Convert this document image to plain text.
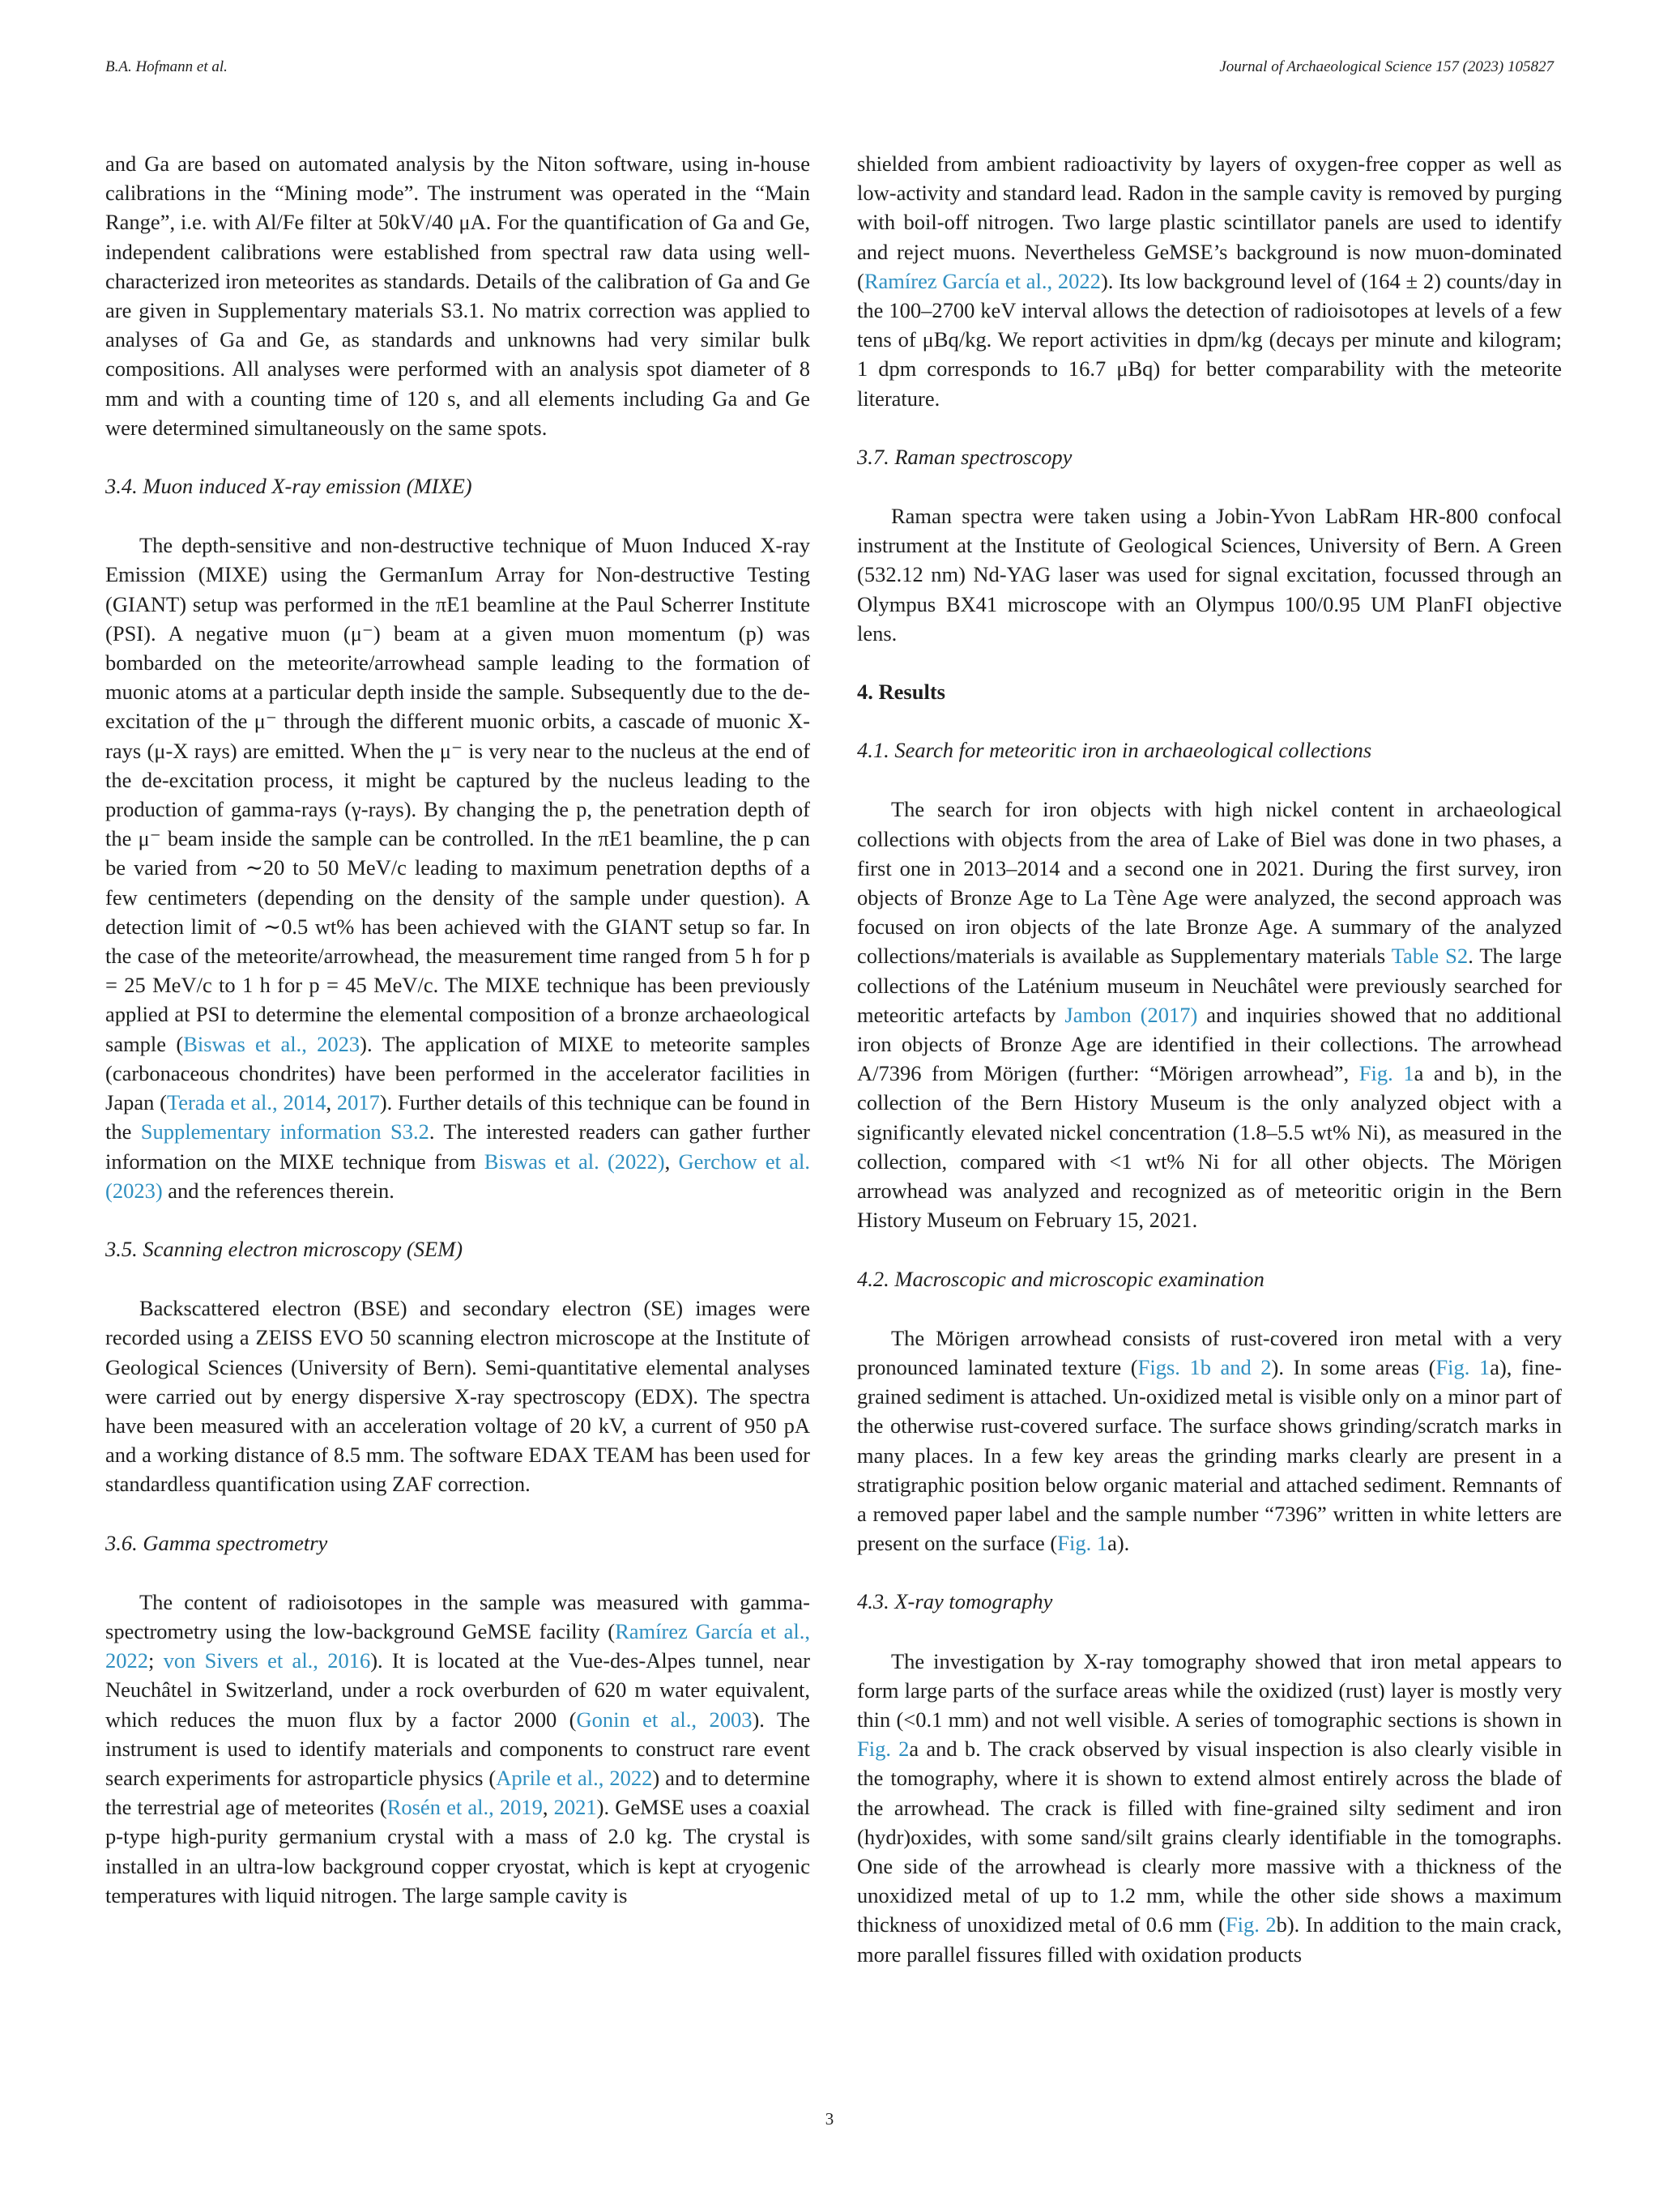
B.A. Hofmann et al.	Journal of Archaeological Science 157 (2023) 105827

and Ga are based on automated analysis by the Niton software, using in-house calibrations in the “Mining mode”. The instrument was operated in the “Main Range”, i.e. with Al/Fe filter at 50kV/40 μA. For the quantification of Ga and Ge, independent calibrations were established from spectral raw data using well-characterized iron meteorites as standards. Details of the calibration of Ga and Ge are given in Supplementary materials S3.1. No matrix correction was applied to analyses of Ga and Ge, as standards and unknowns had very similar bulk compositions. All analyses were performed with an analysis spot diameter of 8 mm and with a counting time of 120 s, and all elements including Ga and Ge were determined simultaneously on the same spots.

3.4. Muon induced X-ray emission (MIXE)

The depth-sensitive and non-destructive technique of Muon Induced X-ray Emission (MIXE) using the GermanIum Array for Non-destructive Testing (GIANT) setup was performed in the πE1 beamline at the Paul Scherrer Institute (PSI). A negative muon (μ⁻) beam at a given muon momentum (p) was bombarded on the meteorite/arrowhead sample leading to the formation of muonic atoms at a particular depth inside the sample. Subsequently due to the de-excitation of the μ⁻ through the different muonic orbits, a cascade of muonic X-rays (μ-X rays) are emitted. When the μ⁻ is very near to the nucleus at the end of the de-excitation process, it might be captured by the nucleus leading to the production of gamma-rays (γ-rays). By changing the p, the penetration depth of the μ⁻ beam inside the sample can be controlled. In the πE1 beamline, the p can be varied from ∼20 to 50 MeV/c leading to maximum penetration depths of a few centimeters (depending on the density of the sample under question). A detection limit of ∼0.5 wt% has been achieved with the GIANT setup so far. In the case of the meteorite/arrowhead, the measurement time ranged from 5 h for p = 25 MeV/c to 1 h for p = 45 MeV/c. The MIXE technique has been previously applied at PSI to determine the elemental composition of a bronze archaeological sample (Biswas et al., 2023). The application of MIXE to meteorite samples (carbonaceous chondrites) have been performed in the accelerator facilities in Japan (Terada et al., 2014, 2017). Further details of this technique can be found in the Supplementary information S3.2. The interested readers can gather further information on the MIXE technique from Biswas et al. (2022), Gerchow et al. (2023) and the references therein.

3.5. Scanning electron microscopy (SEM)

Backscattered electron (BSE) and secondary electron (SE) images were recorded using a ZEISS EVO 50 scanning electron microscope at the Institute of Geological Sciences (University of Bern). Semi-quantitative elemental analyses were carried out by energy dispersive X-ray spectroscopy (EDX). The spectra have been measured with an acceleration voltage of 20 kV, a current of 950 pA and a working distance of 8.5 mm. The software EDAX TEAM has been used for standardless quantification using ZAF correction.

3.6. Gamma spectrometry

The content of radioisotopes in the sample was measured with gamma-spectrometry using the low-background GeMSE facility (Ramírez García et al., 2022; von Sivers et al., 2016). It is located at the Vue-des-Alpes tunnel, near Neuchâtel in Switzerland, under a rock overburden of 620 m water equivalent, which reduces the muon flux by a factor 2000 (Gonin et al., 2003). The instrument is used to identify materials and components to construct rare event search experiments for astroparticle physics (Aprile et al., 2022) and to determine the terrestrial age of meteorites (Rosén et al., 2019, 2021). GeMSE uses a coaxial p-type high-purity germanium crystal with a mass of 2.0 kg. The crystal is installed in an ultra-low background copper cryostat, which is kept at cryogenic temperatures with liquid nitrogen. The large sample cavity is

shielded from ambient radioactivity by layers of oxygen-free copper as well as low-activity and standard lead. Radon in the sample cavity is removed by purging with boil-off nitrogen. Two large plastic scintillator panels are used to identify and reject muons. Nevertheless GeMSE’s background is now muon-dominated (Ramírez García et al., 2022). Its low background level of (164 ± 2) counts/day in the 100–2700 keV interval allows the detection of radioisotopes at levels of a few tens of μBq/kg. We report activities in dpm/kg (decays per minute and kilogram; 1 dpm corresponds to 16.7 μBq) for better comparability with the meteorite literature.

3.7. Raman spectroscopy

Raman spectra were taken using a Jobin-Yvon LabRam HR-800 confocal instrument at the Institute of Geological Sciences, University of Bern. A Green (532.12 nm) Nd-YAG laser was used for signal excitation, focussed through an Olympus BX41 microscope with an Olympus 100/0.95 UM PlanFI objective lens.

4. Results
4.1. Search for meteoritic iron in archaeological collections

The search for iron objects with high nickel content in archaeological collections with objects from the area of Lake of Biel was done in two phases, a first one in 2013–2014 and a second one in 2021. During the first survey, iron objects of Bronze Age to La Tène Age were analyzed, the second approach was focused on iron objects of the late Bronze Age. A summary of the analyzed collections/materials is available as Supplementary materials Table S2. The large collections of the Laténium museum in Neuchâtel were previously searched for meteoritic artefacts by Jambon (2017) and inquiries showed that no additional iron objects of Bronze Age are identified in their collections. The arrowhead A/7396 from Mörigen (further: “Mörigen arrowhead”, Fig. 1a and b), in the collection of the Bern History Museum is the only analyzed object with a significantly elevated nickel concentration (1.8–5.5 wt% Ni), as measured in the collection, compared with <1 wt% Ni for all other objects. The Mörigen arrowhead was analyzed and recognized as of meteoritic origin in the Bern History Museum on February 15, 2021.

4.2. Macroscopic and microscopic examination

The Mörigen arrowhead consists of rust-covered iron metal with a very pronounced laminated texture (Figs. 1b and 2). In some areas (Fig. 1a), fine-grained sediment is attached. Un-oxidized metal is visible only on a minor part of the otherwise rust-covered surface. The surface shows grinding/scratch marks in many places. In a few key areas the grinding marks clearly are present in a stratigraphic position below organic material and attached sediment. Remnants of a removed paper label and the sample number “7396” written in white letters are present on the surface (Fig. 1a).

4.3. X-ray tomography

The investigation by X-ray tomography showed that iron metal appears to form large parts of the surface areas while the oxidized (rust) layer is mostly very thin (<0.1 mm) and not well visible. A series of tomographic sections is shown in Fig. 2a and b. The crack observed by visual inspection is also clearly visible in the tomography, where it is shown to extend almost entirely across the blade of the arrowhead. The crack is filled with fine-grained silty sediment and iron (hydr)oxides, with some sand/silt grains clearly identifiable in the tomographs. One side of the arrowhead is clearly more massive with a thickness of the unoxidized metal of up to 1.2 mm, while the other side shows a maximum thickness of unoxidized metal of 0.6 mm (Fig. 2b). In addition to the main crack, more parallel fissures filled with oxidation products

3
